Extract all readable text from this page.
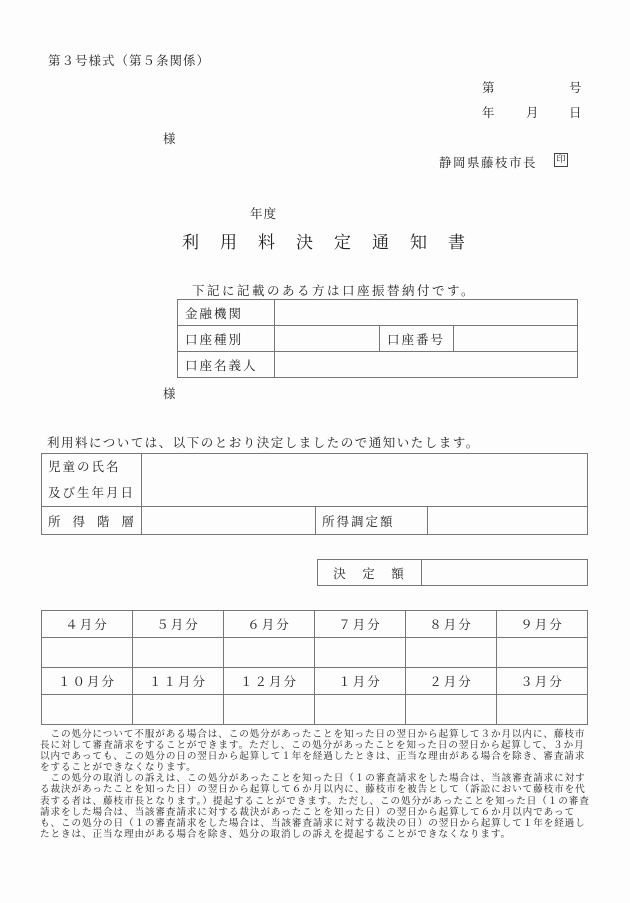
第３号様式（第５条関係）
第	号
年 月 日
様
静岡県藤枝市長 印
年度
利　用　料　決　定　通　知　書
下記に記載のある方は口座振替納付です。
金融機関			
口座種別		口座番号	
口座名義人			
様
利用料については、以下のとおり決定しましたので通知いたします。
児童の氏名
及び生年月日			

所 得 階 層		所得調定額	
決　定　額	
４月分	５月分	６月分	７月分	８月分	９月分

１０月分	１１月分	１２月分	１月分	２月分	３月分

　この処分について不服がある場合は、この処分があったことを知った日の翌日から起算して３か月以内に、藤枝市長に対して審査請求をすることができます。ただし、この処分があったことを知った日の翌日から起算して、３か月以内であっても、この処分の日の翌日から起算して１年を経過したときは、正当な理由がある場合を除き、審査請求をすることができなくなります。

　この処分の取消しの訴えは、この処分があったことを知った日（１の審査請求をした場合は、当該審査請求に対する裁決があったことを知った日）の翌日から起算して６か月以内に、藤枝市を被告として（訴訟において藤枝市を代表する者は、藤枝市長となります。）提起することができます。ただし、この処分があったことを知った日（１の審査請求をした場合は、当該審査請求に対する裁決があったことを知った日）の翌日から起算して６か月以内であっても、この処分の日（１の審査請求をした場合は、当該審査請求に対する裁決の日）の翌日から起算して１年を経過したときは、正当な理由がある場合を除き、処分の取消しの訴えを提起することができなくなります。
